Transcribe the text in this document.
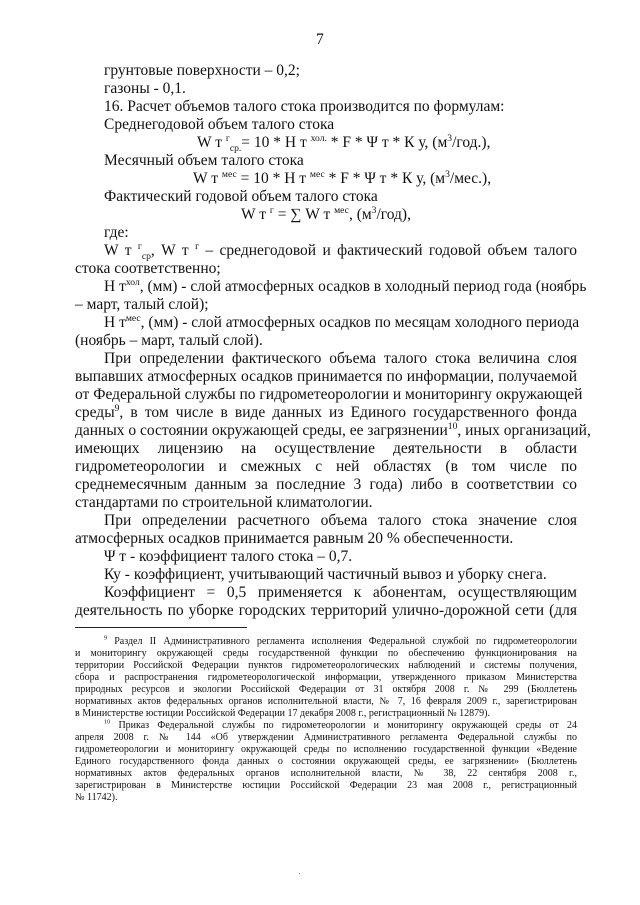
7
грунтовые поверхности – 0,2;
газоны - 0,1.
16. Расчет объемов талого стока производится по формулам:
Среднегодовой объем талого стока
W т $^г_{ср.}$= 10 * H т $^{хол.}$ * F * Ψ т * К у, $(м^3/год.)$,
Месячный объем талого стока
W т $^{мес}$ = 10 * H т $^{мес}$ * F * Ψ т * К у, $(м^3/мес.)$,
Фактический годовой объем талого стока
W т $^г$ = ∑ W т $^{мес}$, $(м^3/год)$,
где:
W т $^г_{ср}$, W т $^г$ – среднегодовой и фактический годовой объем талого
стока соответственно;
H $т^{хол}$, (мм) - слой атмосферных осадков в холодный период года (ноябрь
– март, талый слой);
H $т^{мес}$, (мм) - слой атмосферных осадков по месяцам холодного периода
(ноябрь – март, талый слой).
При определении фактического объема талого стока величина слоя
выпавших атмосферных осадков принимается по информации, получаемой
от Федеральной службы по гидрометеорологии и мониторингу окружающей
среды$^9$, в том числе в виде данных из Единого государственного фонда
данных о состоянии окружающей среды, ее загрязнении$^{10}$, иных организаций,
имеющих лицензию на осуществление деятельности в области
гидрометеорологии и смежных с ней областях (в том числе по
среднемесячным данным за последние 3 года) либо в соответствии со
стандартами по строительной климатологии.
При определении расчетного объема талого стока значение слоя
атмосферных осадков принимается равным 20 % обеспеченности.
Ψ т - коэффициент талого стока – 0,7.
Ку - коэффициент, учитывающий частичный вывоз и уборку снега.
Коэффициент = 0,5 применяется к абонентам, осуществляющим
деятельность по уборке городских территорий улично-дорожной сети (для
$^9$ Раздел II Административного регламента исполнения Федеральной службой по гидрометеорологии
и мониторингу окружающей среды государственной функции по обеспечению функционирования на
территории Российской Федерации пунктов гидрометеорологических наблюдений и системы получения,
сбора и распространения гидрометеорологической информации, утвержденного приказом Министерства
природных ресурсов и экологии Российской Федерации от 31 октября 2008 г. № 299 (Бюллетень
нормативных актов федеральных органов исполнительной власти, № 7, 16 февраля 2009 г., зарегистрирован
в Министерстве юстиции Российской Федерации 17 декабря 2008 г., регистрационный № 12879).
$^{10}$ Приказ Федеральной службы по гидрометеорологии и мониторингу окружающей среды от 24
апреля 2008 г. № 144 «Об утверждении Административного регламента Федеральной службы по
гидрометеорологии и мониторингу окружающей среды по исполнению государственной функции «Ведение
Единого государственного фонда данных о состоянии окружающей среды, ее загрязнении» (Бюллетень
нормативных актов федеральных органов исполнительной власти, № 38, 22 сентября 2008 г.,
зарегистрирован в Министерстве юстиции Российской Федерации 23 мая 2008 г., регистрационный
№ 11742).
